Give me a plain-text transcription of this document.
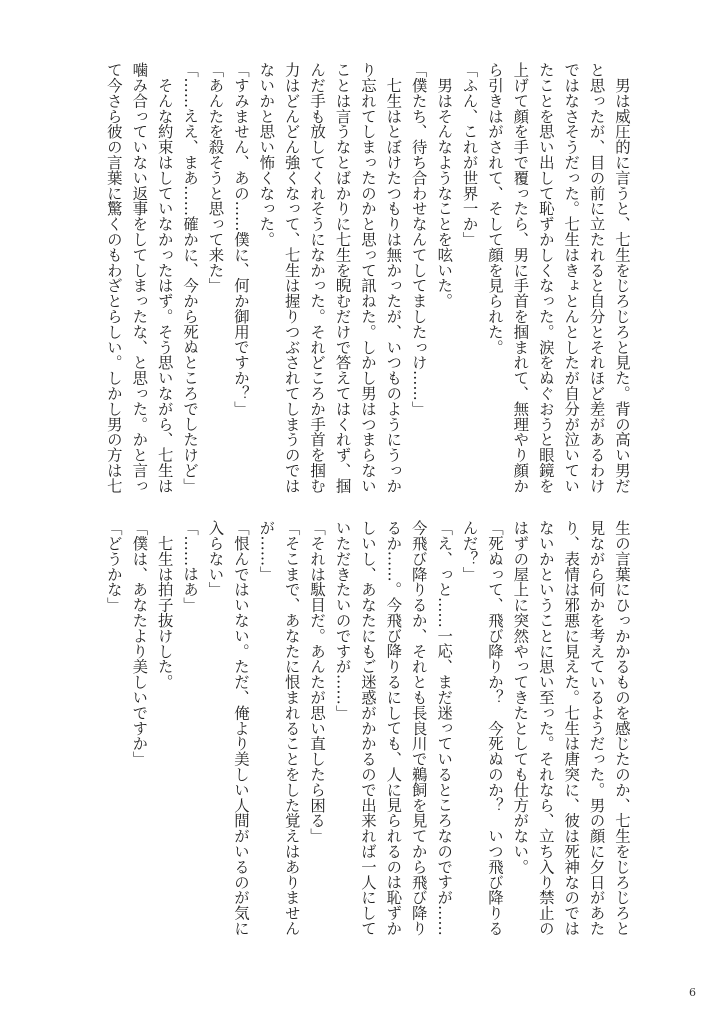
　男は威圧的に言うと、七生をじろじろと見た。背の高い男だ
と思ったが、目の前に立たれると自分とそれほど差があるわけ
ではなさそうだった。七生はきょとんとしたが自分が泣いてい
たことを思い出して恥ずかしくなった。涙をぬぐおうと眼鏡を
上げて顔を手で覆ったら、男に手首を掴まれて、無理やり顔か
ら引きはがされて、そして顔を見られた。
「ふん、これが世界一か」
　男はそんなようなことを呟いた。
「僕たち、待ち合わせなんてしてましたっけ……」
　七生はとぼけたつもりは無かったが、いつものようにうっか
り忘れてしまったのかと思って訊ねた。しかし男はつまらない
ことは言うなとばかりに七生を睨むだけで答えてはくれず、掴
んだ手も放してくれそうになかった。それどころか手首を掴む
力はどんどん強くなって、七生は握りつぶされてしまうのでは
ないかと思い怖くなった。
「すみません、あの……僕に、何か御用ですか？」
「あんたを殺そうと思って来た」
「……ええ、まあ……確かに、今から死ぬところでしたけど」
　そんな約束はしていなかったはず。そう思いながら、七生は
噛み合っていない返事をしてしまったな、と思った。かと言っ
て今さら彼の言葉に驚くのもわざとらしい。しかし男の方は七
生の言葉にひっかかるものを感じたのか、七生をじろじろと
見ながら何かを考えているようだった。男の顔に夕日があた
り、表情は邪悪に見えた。七生は唐突に、彼は死神なのでは
ないかということに思い至った。それなら、立ち入り禁止の
はずの屋上に突然やってきたとしても仕方がない。
「死ぬって、飛び降りか？　今死ぬのか？　いつ飛び降りる
んだ？」
「え、っと……一応、まだ迷っているところなのですが……
今飛び降りるか、それとも長良川で鵜飼を見てから飛び降り
るか……。今飛び降りるにしても、人に見られるのは恥ずか
しいし、あなたにもご迷惑がかかるので出来れば一人にして
いただきたいのですが……」
「それは駄目だ。あんたが思い直したら困る」
「そこまで、あなたに恨まれることをした覚えはありません
が……」
「恨んではいない。ただ、俺より美しい人間がいるのが気に
入らない」
「……はあ」
　七生は拍子抜けした。
「僕は、あなたより美しいですか」
「どうかな」
6
